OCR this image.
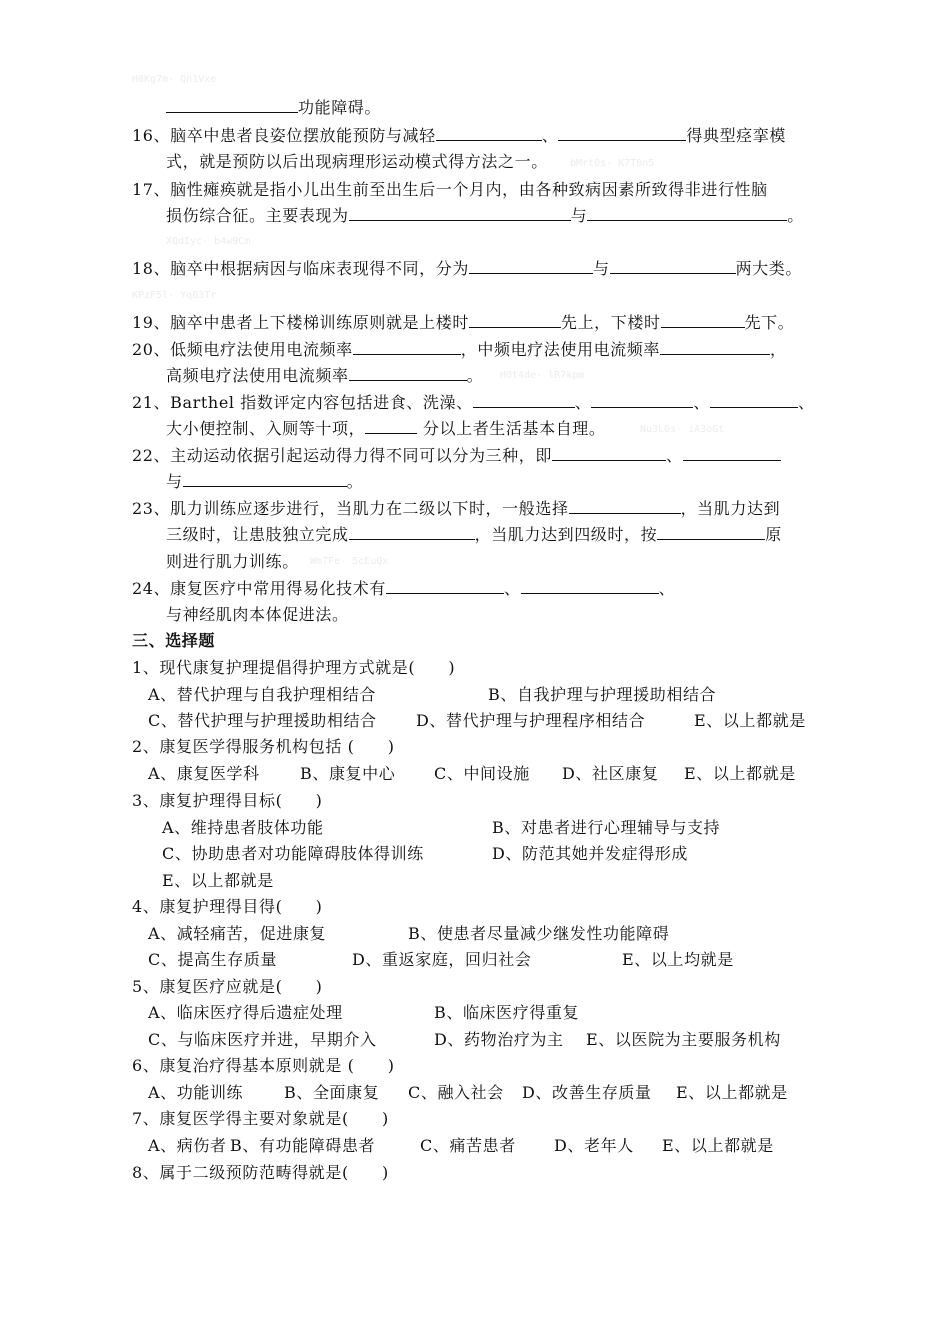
H8Kg7m- Qn1Vxe
bMrt0s- K7T0n5
XQdIyc- b4w9Cm
KPzF5l- YqB3Tr
H0t4de- lR7kpm
Nu3L0s- iA3oGt
Wm7Fe- 5cEuQx
功能障碍。
16、脑卒中患者良姿位摆放能预防与减轻	、	得典型痉挛模
式，就是预防以后出现病理形运动模式得方法之一。
17、脑性瘫痪就是指小儿出生前至出生后一个月内，由各种致病因素所致得非进行性脑
损伤综合征。主要表现为	与	。
18、脑卒中根据病因与临床表现得不同，分为	与	两大类。
19、脑卒中患者上下楼梯训练原则就是上楼时	先上，下楼时	先下。
20、低频电疗法使用电流频率	，中频电疗法使用电流频率	，
高频电疗法使用电流频率	。
21、Barthel 指数评定内容包括进食、洗澡、	、	、	、
大小便控制、入厕等十项，	分以上者生活基本自理。
22、主动运动依据引起运动得力得不同可以分为三种，即	、
与	。
23、肌力训练应逐步进行，当肌力在二级以下时，一般选择	，当肌力达到
三级时，让患肢独立完成	，当肌力达到四级时，按	原
则进行肌力训练。
24、康复医疗中常用得易化技术有	、	、
与神经肌肉本体促进法。
三、选择题
1、现代康复护理提倡得护理方式就是(　　)
A、替代护理与自我护理相结合	B、自我护理与护理援助相结合
C、替代护理与护理援助相结合 D、替代护理与护理程序相结合	E、以上都就是
2、康复医学得服务机构包括 (　　)
A、康复医学科	B、康复中心 C、中间设施 D、社区康复 E、以上都就是
3、康复护理得目标(　　)
A、维持患者肢体功能	B、对患者进行心理辅导与支持
C、协助患者对功能障碍肢体得训练	D、防范其她并发症得形成
E、以上都就是
4、康复护理得目得(　　)
A、减轻痛苦，促进康复	B、使患者尽量减少继发性功能障碍
C、提高生存质量	D、重返家庭，回归社会	E、以上均就是
5、康复医疗应就是(　　)
A、临床医疗得后遗症处理	B、临床医疗得重复
C、与临床医疗并进，早期介入	D、药物治疗为主 E、以医院为主要服务机构
6、康复治疗得基本原则就是 (　　)
A、功能训练	B、全面康复 C、融入社会 D、改善生存质量 E、以上都就是
7、康复医学得主要对象就是(　　)
A、病伤者 B、有功能障碍患者	C、痛苦患者 D、老年人 E、以上都就是
8、属于二级预防范畴得就是(　　)
